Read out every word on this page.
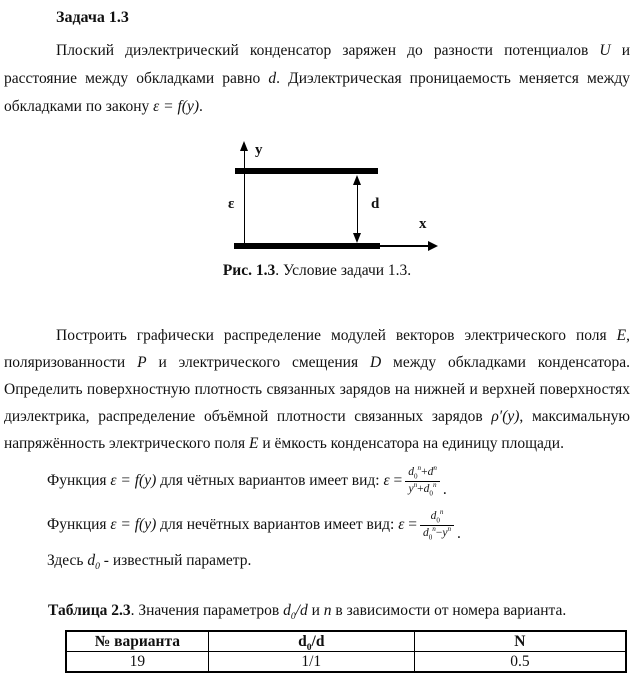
Задача 1.3

Плоский диэлектрический конденсатор заряжен до разности потенциалов U и расстояние между обкладками равно d. Диэлектрическая проницаемость меняется между обкладками по закону ε = f(y).

y
ε	d
x
Рис. 1.3. Условие задачи 1.3.

Построить графически распределение модулей векторов электрического поля E, поляризованности P и электрического смещения D между обкладками конденсатора. Определить поверхностную плотность связанных зарядов на нижней и верхней поверхностях диэлектрика, распределение объёмной плотности связанных зарядов ρ′(y), максимальную напряжённость электрического поля E и ёмкость конденсатора на единицу площади.

Функция ε = f(y) для чётных вариантов имеет вид: $\varepsilon = \frac{d_0^n+d^n}{y^n+d_0^n}$ .
Функция ε = f(y) для нечётных вариантов имеет вид: $\varepsilon = \frac{d_0^n}{d_0^n-y^n}$ .
Здесь $d_0$ - известный параметр.
Таблица 2.3. Значения параметров $d_0/d$ и n в зависимости от номера варианта.
№ варианта	$d_0/d$	N
19	1/1	0.5
